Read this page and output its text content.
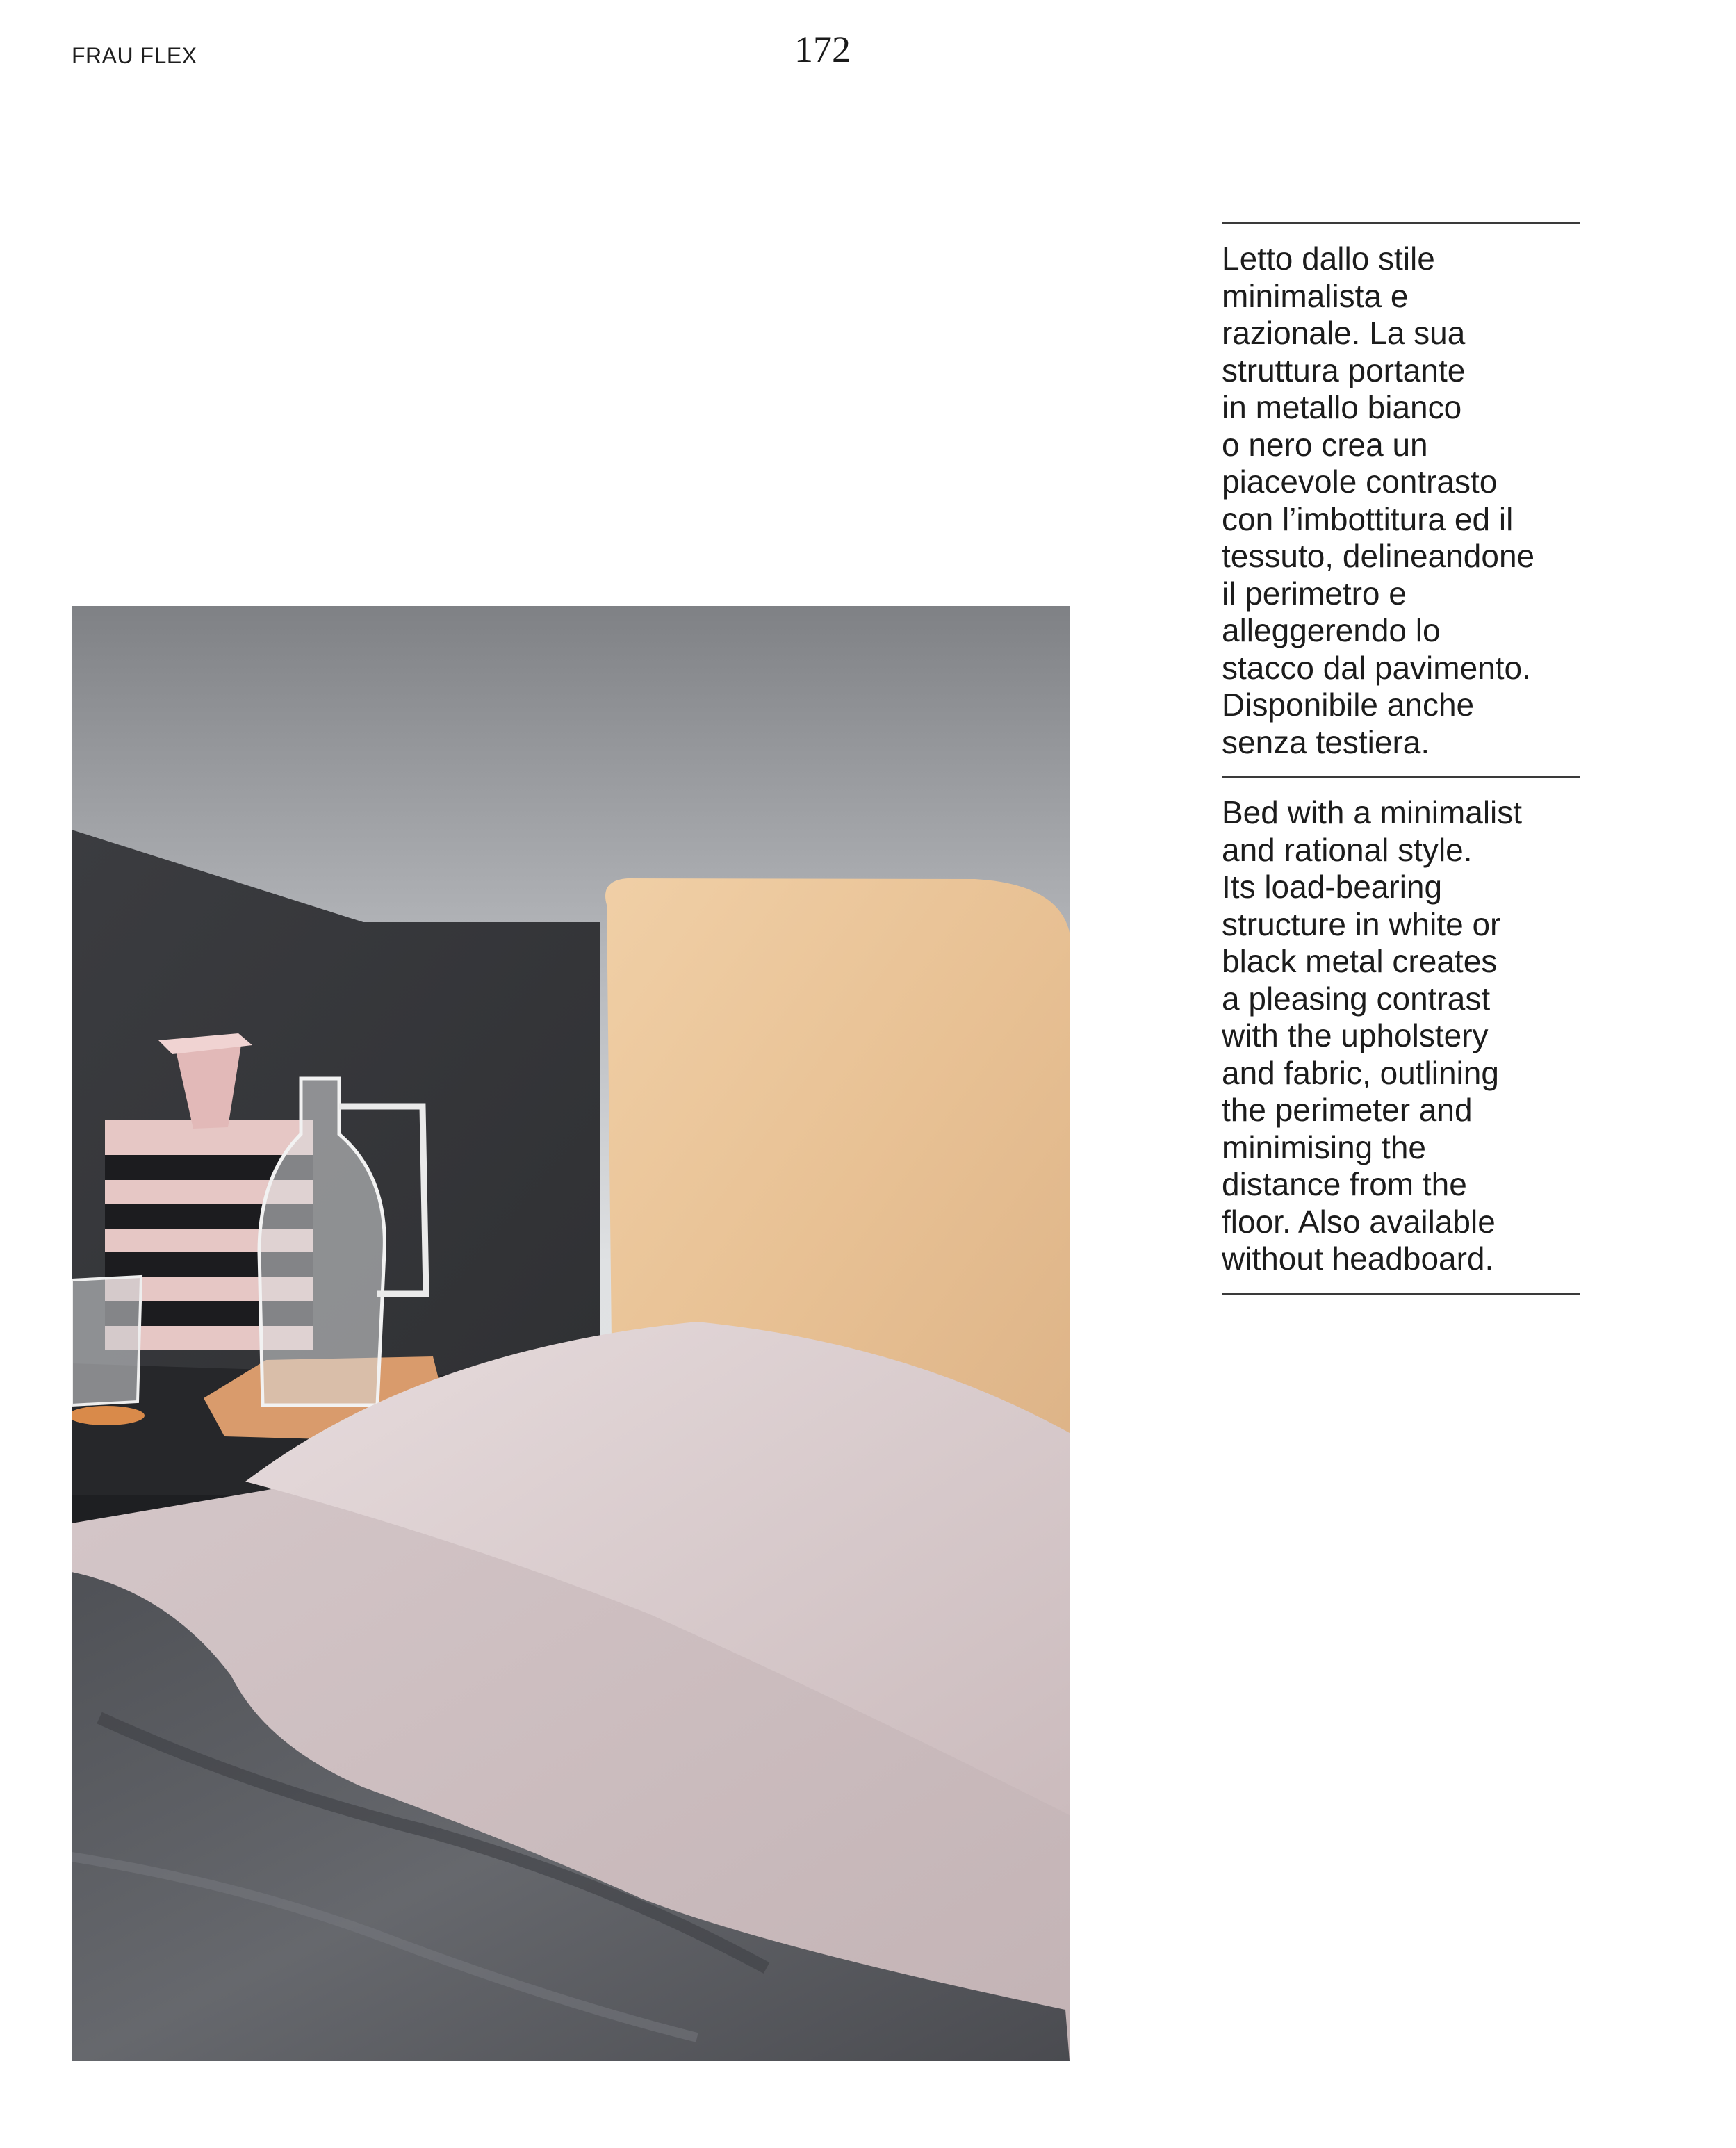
FRAU FLEX	172
Letto dallo stile
minimalista e
razionale. La sua
struttura portante
in metallo bianco
o nero crea un
piacevole contrasto
con l’imbottitura ed il
tessuto, delineandone
il perimetro e
alleggerendo lo
stacco dal pavimento.
Disponibile anche
senza testiera.
Bed with a minimalist
and rational style.
Its load-bearing
structure in white or
black metal creates
a pleasing contrast
with the upholstery
and fabric, outlining
the perimeter and
minimising the
distance from the
floor. Also available
without headboard.
